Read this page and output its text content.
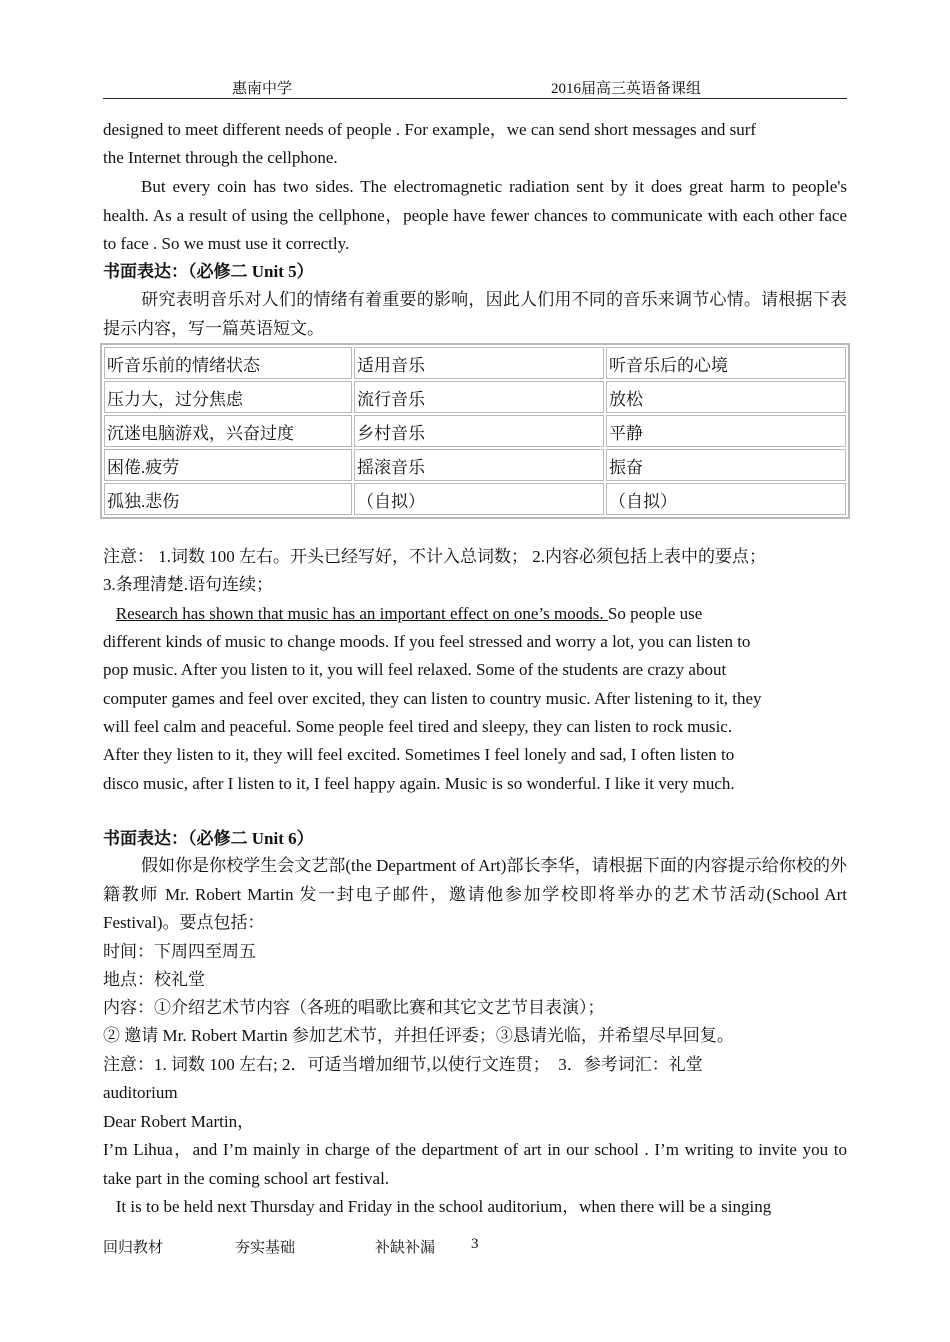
惠南中学	2016届高三英语备课组
designed to meet different needs of people . For example，we can send short messages and surf
the Internet through the cellphone.
But every coin has two sides. The electromagnetic radiation sent by it does great harm to people's health. As a result of using the cellphone，people have fewer chances to communicate with each other face to face . So we must use it correctly.
书面表达：（必修二 Unit 5）
研究表明音乐对人们的情绪有着重要的影响，因此人们用不同的音乐来调节心情。请根据下表提示内容，写一篇英语短文。
听音乐前的情绪状态	适用音乐	听音乐后的心境
压力大，过分焦虑	流行音乐	放松
沉迷电脑游戏，兴奋过度	乡村音乐	平静
困倦.疲劳	摇滚音乐	振奋
孤独.悲伤	（自拟）	（自拟）
注意： 1.词数 100 左右。开头已经写好，不计入总词数； 2.内容必须包括上表中的要点；
3.条理清楚.语句连续；
Research has shown that music has an important effect on one’s moods. So people use
different kinds of music to change moods. If you feel stressed and worry a lot, you can listen to
pop music. After you listen to it, you will feel relaxed. Some of the students are crazy about
computer games and feel over excited, they can listen to country music. After listening to it, they
will feel calm and peaceful. Some people feel tired and sleepy, they can listen to rock music.
After they listen to it, they will feel excited. Sometimes I feel lonely and sad, I often listen to
disco music, after I listen to it, I feel happy again. Music is so wonderful. I like it very much.
书面表达：（必修二 Unit 6）
假如你是你校学生会文艺部(the Department of Art)部长李华，请根据下面的内容提示给你校的外籍教师 Mr. Robert Martin 发一封电子邮件，邀请他参加学校即将举办的艺术节活动(School Art Festival)。要点包括：
时间：下周四至周五
地点：校礼堂
内容：①介绍艺术节内容（各班的唱歌比赛和其它文艺节目表演）；
② 邀请 Mr. Robert Martin 参加艺术节，并担任评委；③恳请光临，并希望尽早回复。
注意：1. 词数 100 左右; 2．可适当增加细节,以使行文连贯；　3．参考词汇：礼堂
auditorium
Dear Robert Martin，
I’m Lihua，and I’m mainly in charge of the department of art in our school . I’m writing to invite you to take part in the coming school art festival.
It is to be held next Thursday and Friday in the school auditorium，when there will be a singing
回归教材	夯实基础	补缺补漏 3
